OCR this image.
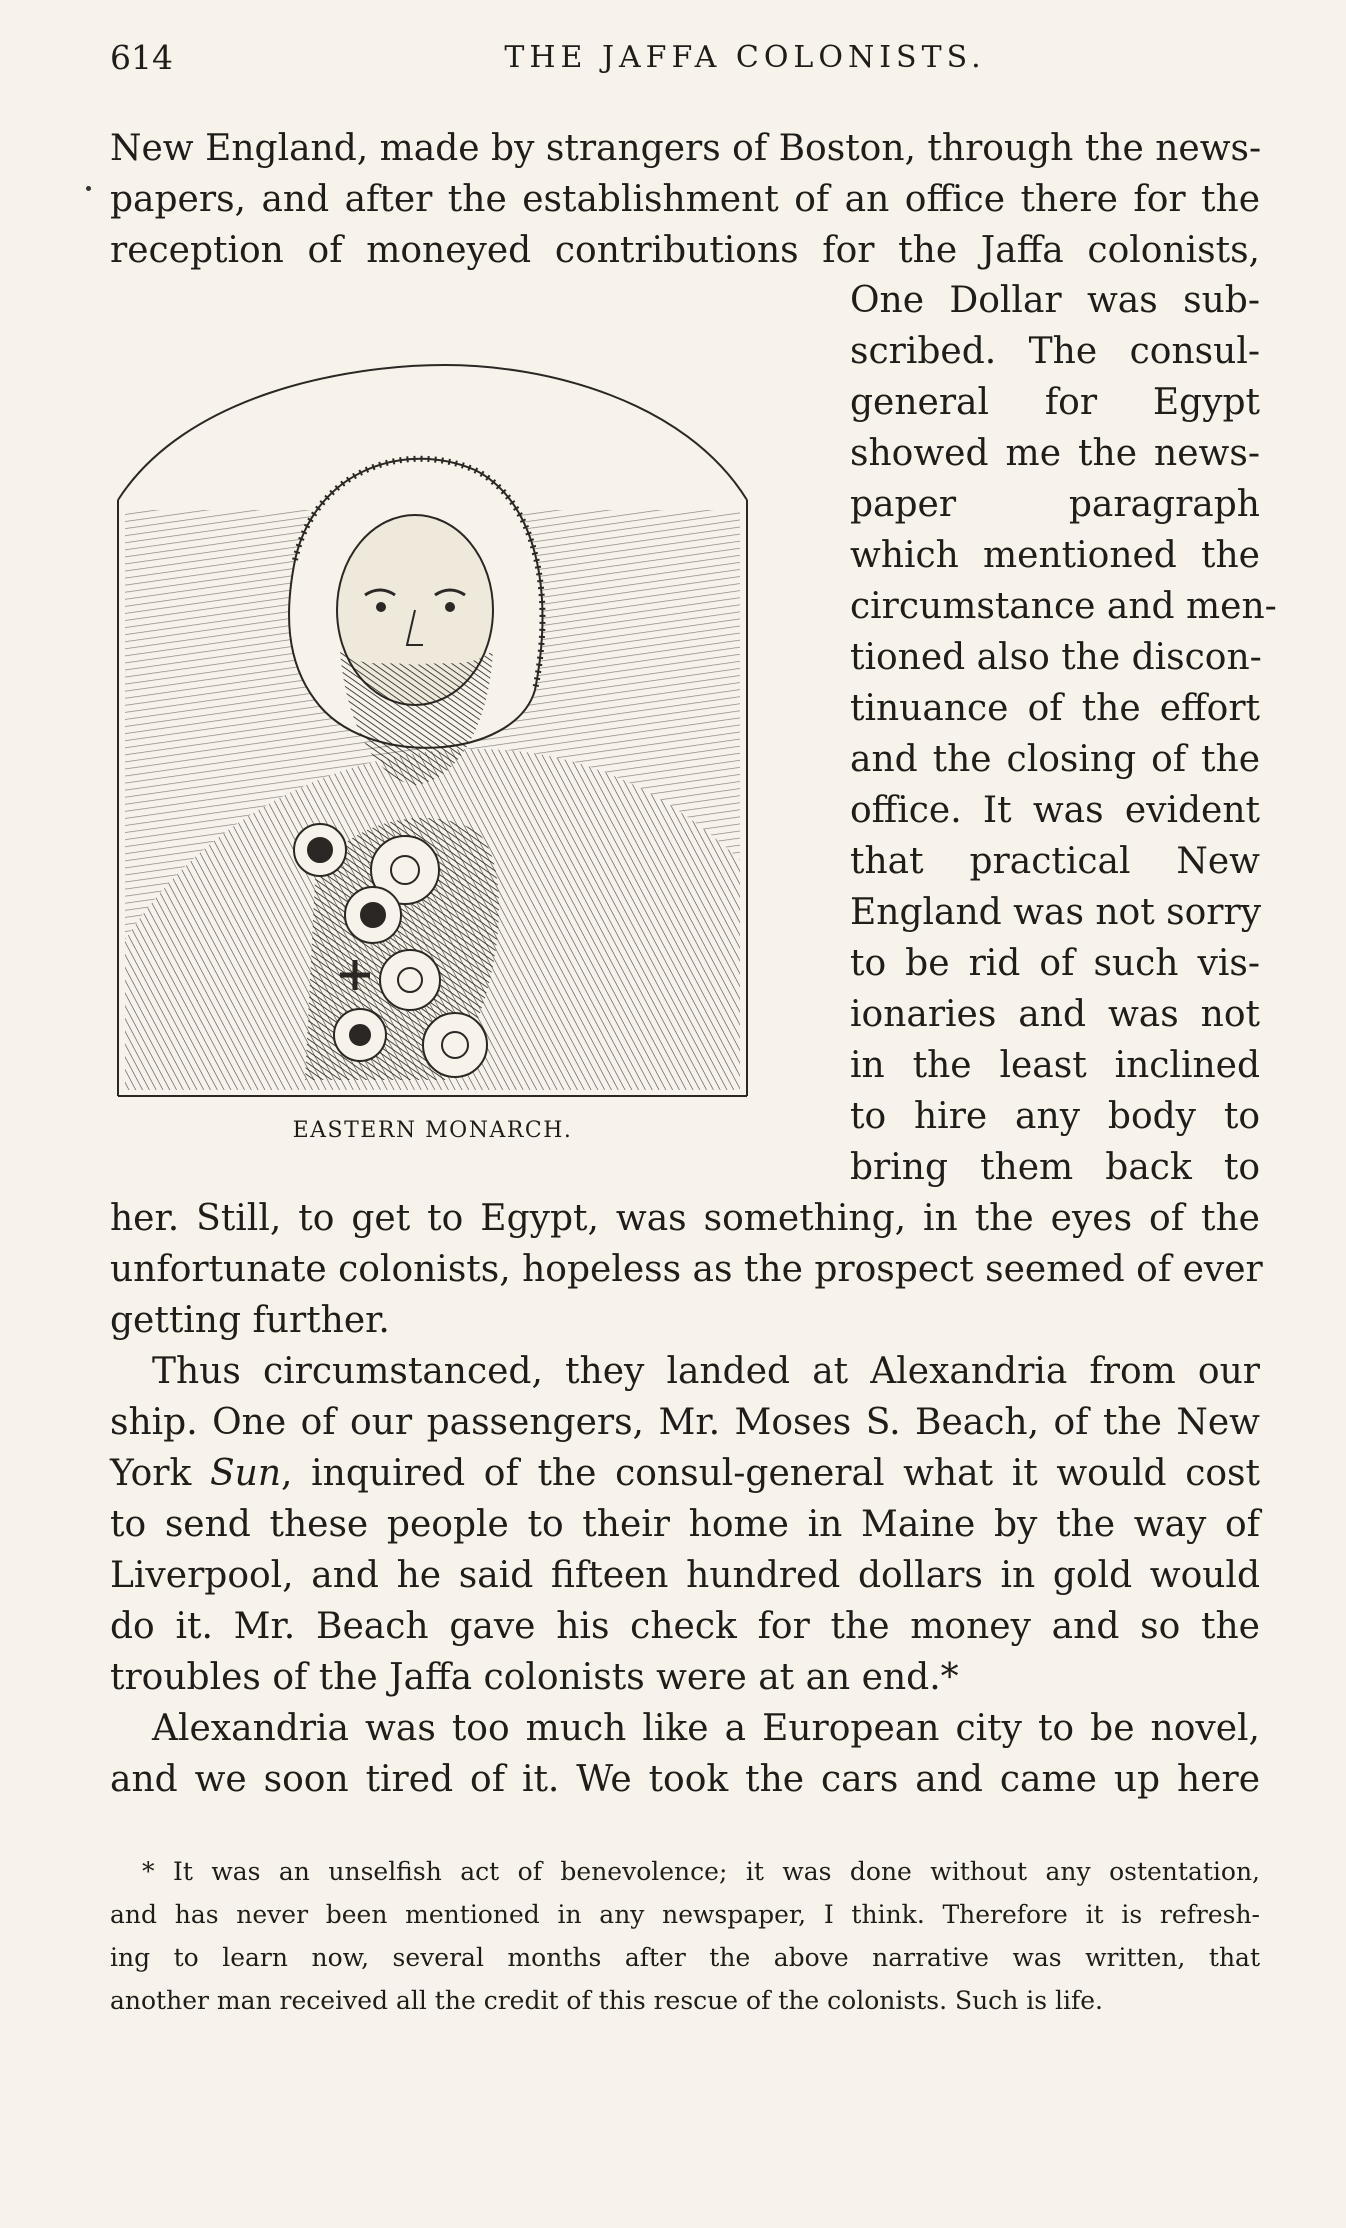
614	THE JAFFA COLONISTS.
New England, made by strangers of Boston, through the news-
papers, and after the establishment of an office there for the
reception of moneyed contributions for the Jaffa colonists,
One Dollar was sub-
scribed. The consul-
general for Egypt
showed me the news-
paper paragraph
which mentioned the
circumstance and men-
tioned also the discon-
tinuance of the effort
and the closing of the
office. It was evident
that practical New
England was not sorry
to be rid of such vis-
ionaries and was not
in the least inclined
to hire any body to
bring them back to
EASTERN MONARCH.
her. Still, to get to Egypt, was something, in the eyes of the
unfortunate colonists, hopeless as the prospect seemed of ever
getting further.
Thus circumstanced, they landed at Alexandria from our
ship. One of our passengers, Mr. Moses S. Beach, of the New
York Sun, inquired of the consul-general what it would cost
to send these people to their home in Maine by the way of
Liverpool, and he said fifteen hundred dollars in gold would
do it. Mr. Beach gave his check for the money and so the
troubles of the Jaffa colonists were at an end.*
Alexandria was too much like a European city to be novel,
and we soon tired of it. We took the cars and came up here
* It was an unselfish act of benevolence; it was done without any ostentation,
and has never been mentioned in any newspaper, I think. Therefore it is refresh-
ing to learn now, several months after the above narrative was written, that
another man received all the credit of this rescue of the colonists. Such is life.
